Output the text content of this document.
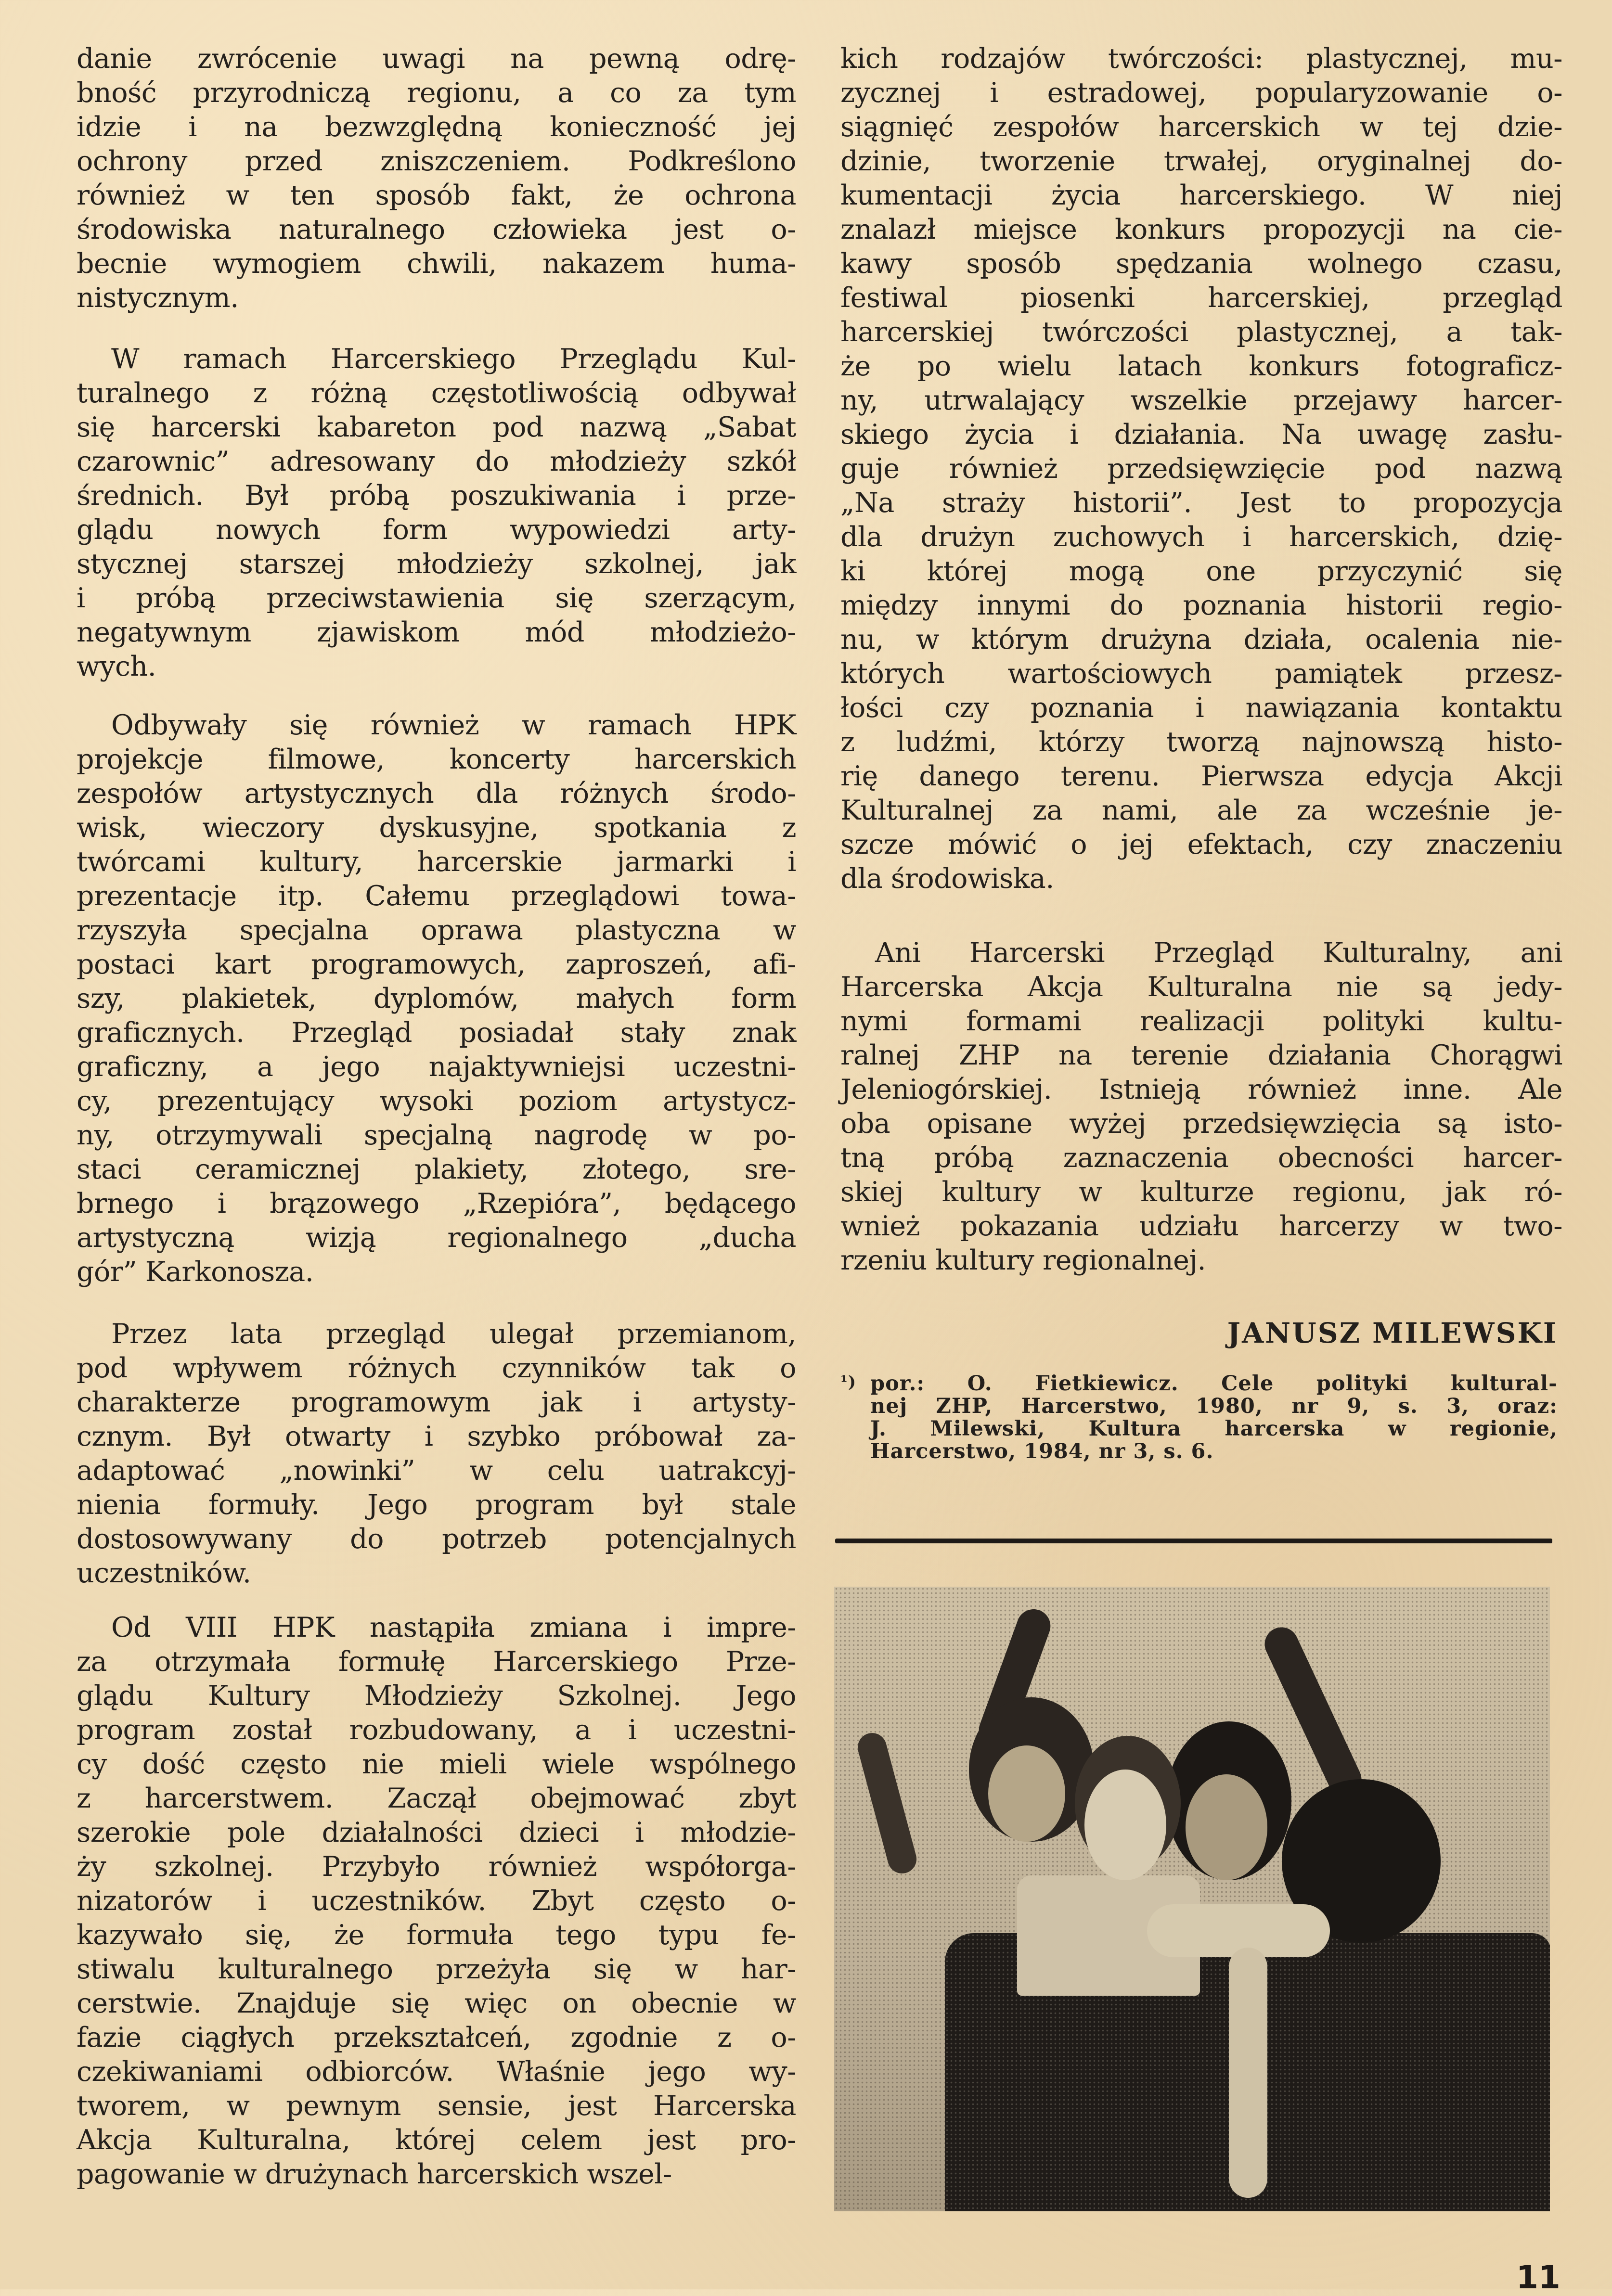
danie zwrócenie uwagi na pewną odrę-
bność przyrodniczą regionu, a co za tym
idzie i na bezwzględną konieczność jej
ochrony przed zniszczeniem. Podkreślono
również w ten sposób fakt, że ochrona
środowiska naturalnego człowieka jest o-
becnie wymogiem chwili, nakazem huma-
nistycznym.
W ramach Harcerskiego Przeglądu Kul-
turalnego z różną częstotliwością odbywał
się harcerski kabareton pod nazwą „Sabat
czarownic” adresowany do młodzieży szkół
średnich. Był próbą poszukiwania i prze-
glądu nowych form wypowiedzi arty-
stycznej starszej młodzieży szkolnej, jak
i próbą przeciwstawienia się szerzącym,
negatywnym zjawiskom mód młodzieżo-
wych.
Odbywały się również w ramach HPK
projekcje filmowe, koncerty harcerskich
zespołów artystycznych dla różnych środo-
wisk, wieczory dyskusyjne, spotkania z
twórcami kultury, harcerskie jarmarki i
prezentacje itp. Całemu przeglądowi towa-
rzyszyła specjalna oprawa plastyczna w
postaci kart programowych, zaproszeń, afi-
szy, plakietek, dyplomów, małych form
graficznych. Przegląd posiadał stały znak
graficzny, a jego najaktywniejsi uczestni-
cy, prezentujący wysoki poziom artystycz-
ny, otrzymywali specjalną nagrodę w po-
staci ceramicznej plakiety, złotego, sre-
brnego i brązowego „Rzepióra”, będącego
artystyczną wizją regionalnego „ducha
gór” Karkonosza.
Przez lata przegląd ulegał przemianom,
pod wpływem różnych czynników tak o
charakterze programowym jak i artysty-
cznym. Był otwarty i szybko próbował za-
adaptować „nowinki” w celu uatrakcyj-
nienia formuły. Jego program był stale
dostosowywany do potrzeb potencjalnych
uczestników.
Od VIII HPK nastąpiła zmiana i impre-
za otrzymała formułę Harcerskiego Prze-
glądu Kultury Młodzieży Szkolnej. Jego
program został rozbudowany, a i uczestni-
cy dość często nie mieli wiele wspólnego
z harcerstwem. Zaczął obejmować zbyt
szerokie pole działalności dzieci i młodzie-
ży szkolnej. Przybyło również współorga-
nizatorów i uczestników. Zbyt często o-
kazywało się, że formuła tego typu fe-
stiwalu kulturalnego przeżyła się w har-
cerstwie. Znajduje się więc on obecnie w
fazie ciągłych przekształceń, zgodnie z o-
czekiwaniami odbiorców. Właśnie jego wy-
tworem, w pewnym sensie, jest Harcerska
Akcja Kulturalna, której celem jest pro-
pagowanie w drużynach harcerskich wszel-
kich rodzajów twórczości: plastycznej, mu-
zycznej i estradowej, popularyzowanie o-
siągnięć zespołów harcerskich w tej dzie-
dzinie, tworzenie trwałej, oryginalnej do-
kumentacji życia harcerskiego. W niej
znalazł miejsce konkurs propozycji na cie-
kawy sposób spędzania wolnego czasu,
festiwal piosenki harcerskiej, przegląd
harcerskiej twórczości plastycznej, a tak-
że po wielu latach konkurs fotograficz-
ny, utrwalający wszelkie przejawy harcer-
skiego życia i działania. Na uwagę zasłu-
guje również przedsięwzięcie pod nazwą
„Na straży historii”. Jest to propozycja
dla drużyn zuchowych i harcerskich, dzię-
ki której mogą one przyczynić się
między innymi do poznania historii regio-
nu, w którym drużyna działa, ocalenia nie-
których wartościowych pamiątek przesz-
łości czy poznania i nawiązania kontaktu
z ludźmi, którzy tworzą najnowszą histo-
rię danego terenu. Pierwsza edycja Akcji
Kulturalnej za nami, ale za wcześnie je-
szcze mówić o jej efektach, czy znaczeniu
dla środowiska.
Ani Harcerski Przegląd Kulturalny, ani
Harcerska Akcja Kulturalna nie są jedy-
nymi formami realizacji polityki kultu-
ralnej ZHP na terenie działania Chorągwi
Jeleniogórskiej. Istnieją również inne. Ale
oba opisane wyżej przedsięwzięcia są isto-
tną próbą zaznaczenia obecności harcer-
skiej kultury w kulturze regionu, jak ró-
wnież pokazania udziału harcerzy w two-
rzeniu kultury regionalnej.
JANUSZ MILEWSKI
¹) por.: O. Fietkiewicz. Cele polityki kultural-
nej ZHP, Harcerstwo, 1980, nr 9, s. 3, oraz:
J. Milewski, Kultura harcerska w regionie,
Harcerstwo, 1984, nr 3, s. 6.
11
